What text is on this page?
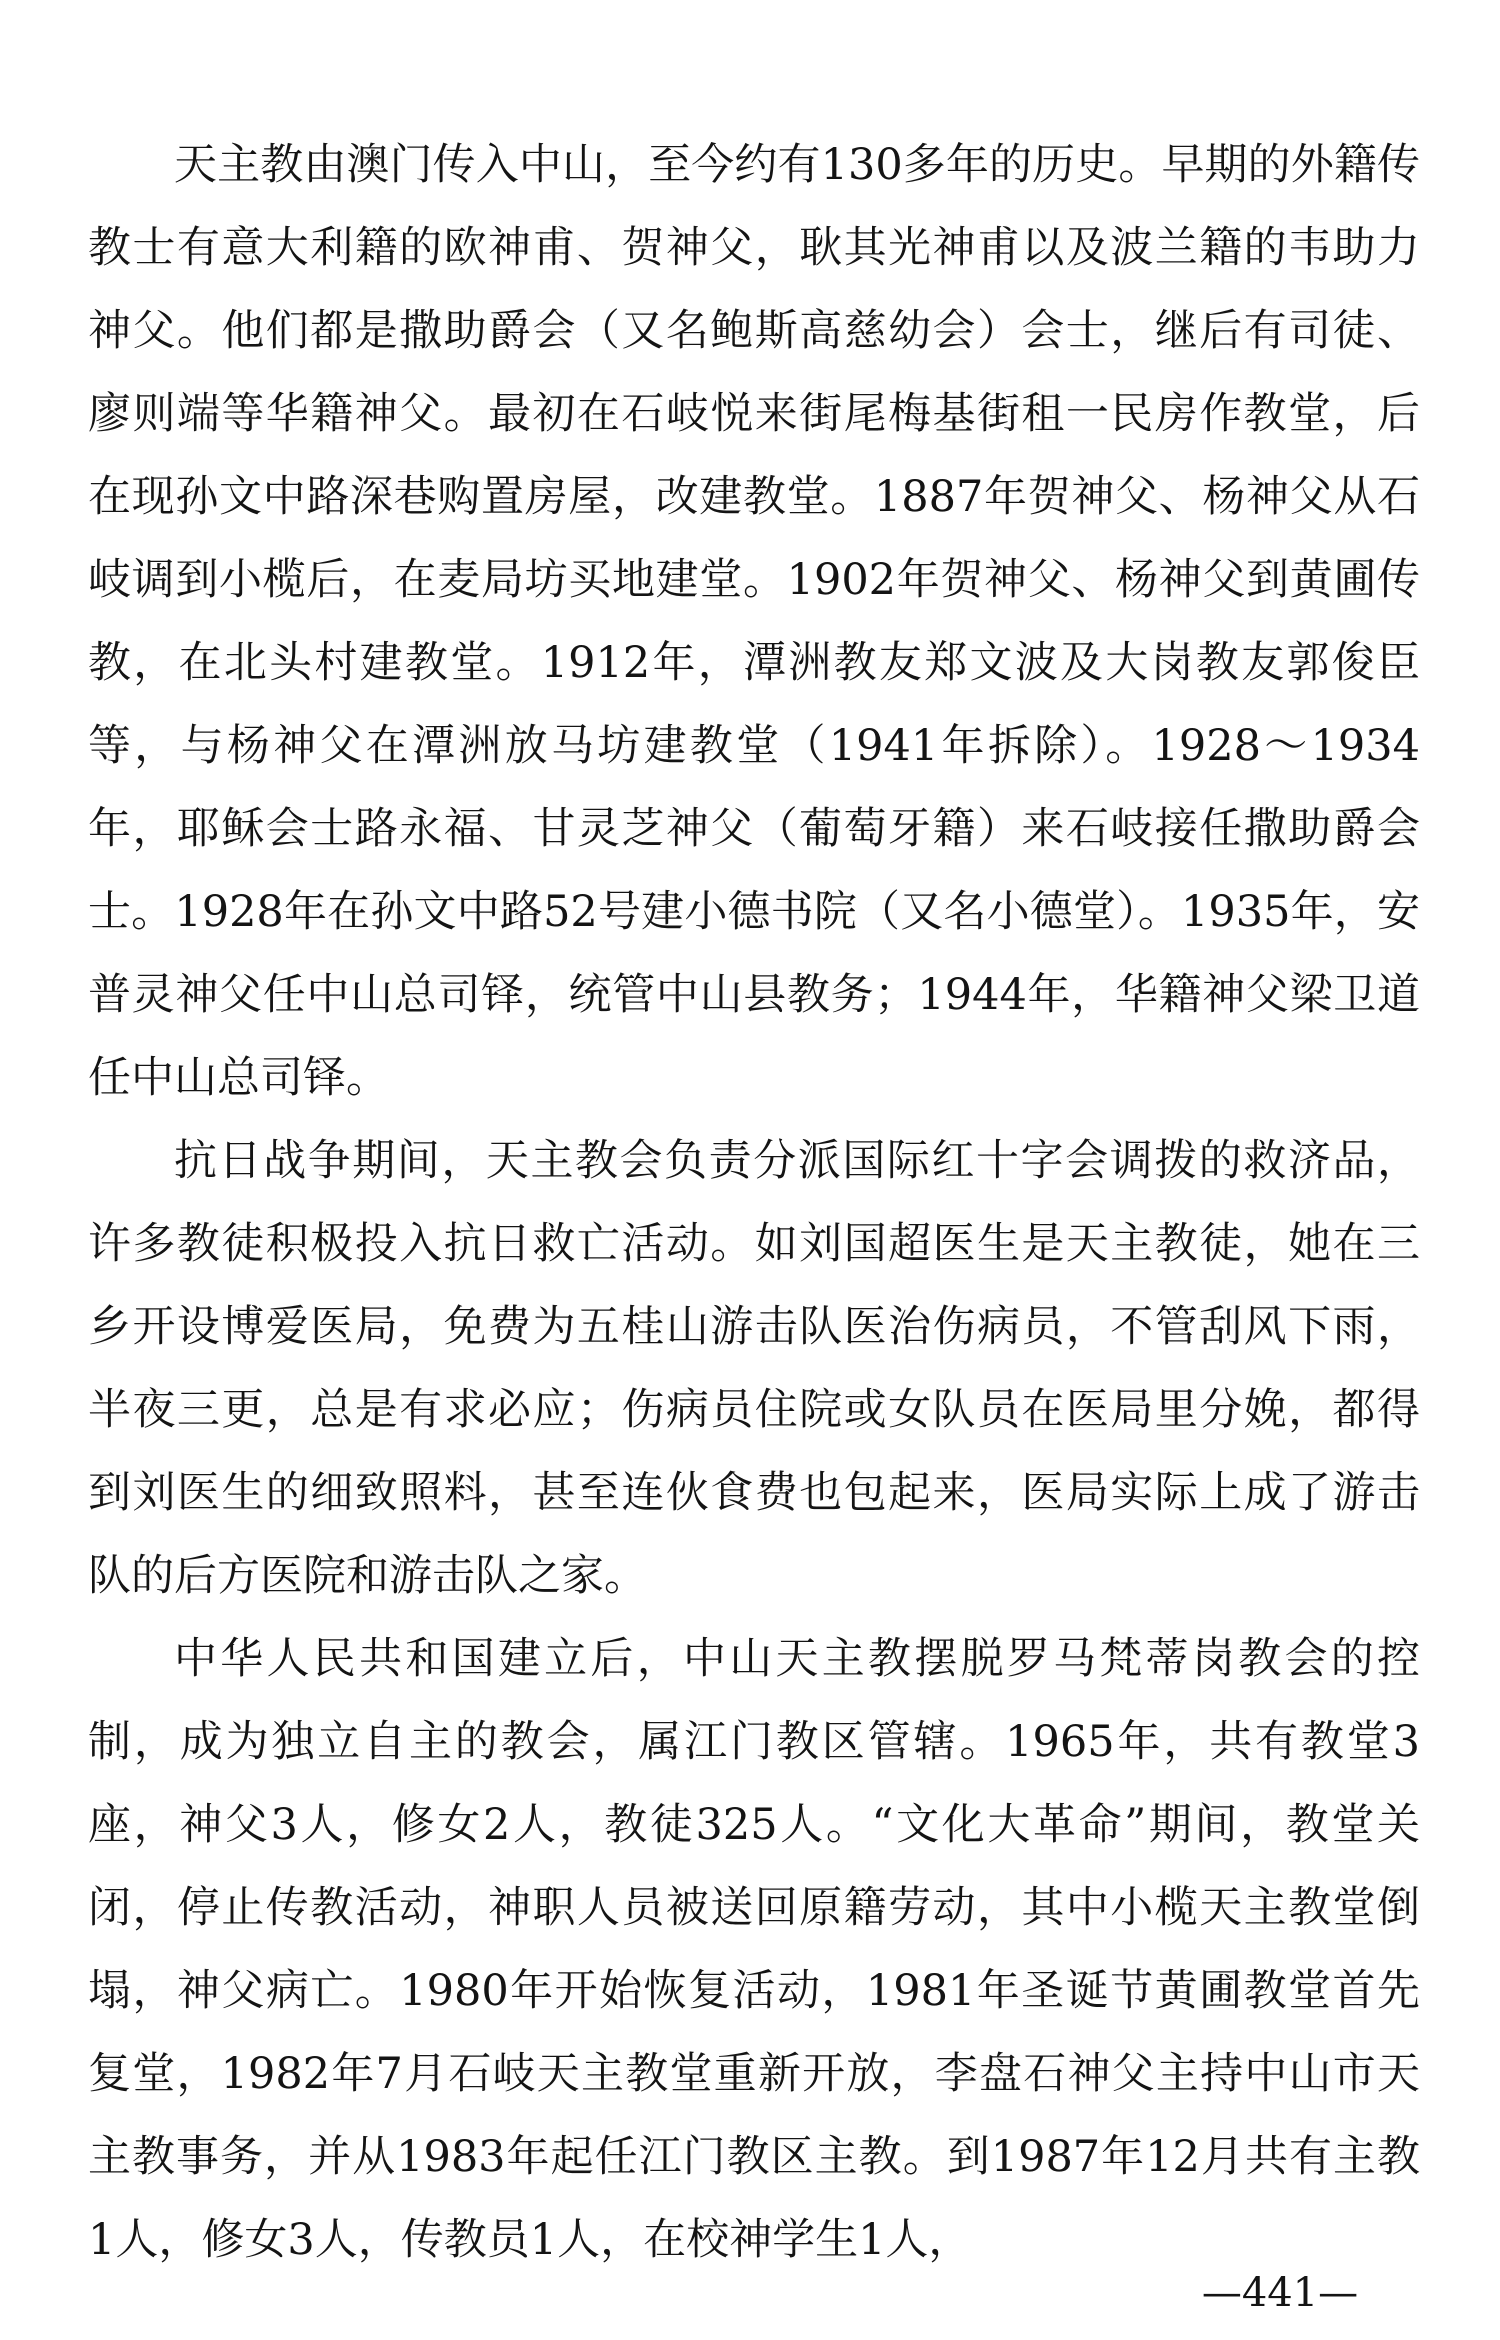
天主教由澳门传入中山，至今约有130多年的历史。早期的外籍传教士有意大利籍的欧神甫、贺神父，耿其光神甫以及波兰籍的韦助力神父。他们都是撒助爵会（又名鲍斯高慈幼会）会士，继后有司徒、廖则端等华籍神父。最初在石岐悦来街尾梅基街租一民房作教堂，后在现孙文中路深巷购置房屋，改建教堂。1887年贺神父、杨神父从石岐调到小榄后，在麦局坊买地建堂。1902年贺神父、杨神父到黄圃传教，在北头村建教堂。1912年，潭洲教友郑文波及大岗教友郭俊臣等，与杨神父在潭洲放马坊建教堂（1941年拆除）。1928～1934年，耶稣会士路永福、甘灵芝神父（葡萄牙籍）来石岐接任撒助爵会士。1928年在孙文中路52号建小德书院（又名小德堂）。1935年，安普灵神父任中山总司铎，统管中山县教务；1944年，华籍神父梁卫道任中山总司铎。

抗日战争期间，天主教会负责分派国际红十字会调拨的救济品，许多教徒积极投入抗日救亡活动。如刘国超医生是天主教徒，她在三乡开设博爱医局，免费为五桂山游击队医治伤病员，不管刮风下雨，半夜三更，总是有求必应；伤病员住院或女队员在医局里分娩，都得到刘医生的细致照料，甚至连伙食费也包起来，医局实际上成了游击队的后方医院和游击队之家。

中华人民共和国建立后，中山天主教摆脱罗马梵蒂岗教会的控制，成为独立自主的教会，属江门教区管辖。1965年，共有教堂3座，神父3人，修女2人，教徒325人。“文化大革命”期间，教堂关闭，停止传教活动，神职人员被送回原籍劳动，其中小榄天主教堂倒塌，神父病亡。1980年开始恢复活动，1981年圣诞节黄圃教堂首先复堂，1982年7月石岐天主教堂重新开放，李盘石神父主持中山市天主教事务，并从1983年起任江门教区主教。到1987年12月共有主教1人，修女3人，传教员1人，在校神学生1人，

—441—
